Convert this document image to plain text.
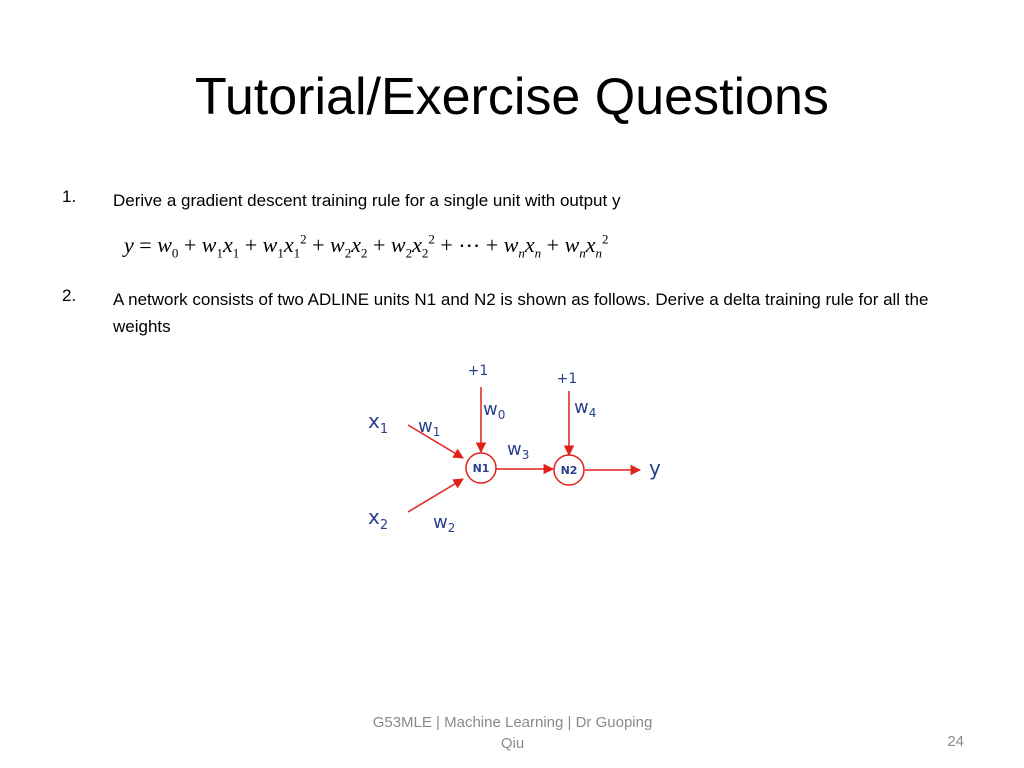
Tutorial/Exercise Questions
1. Derive a gradient descent training rule for a single unit with output y
$y = w_0 + w_1x_1 + w_1x_1^2 + w_2x_2 + w_2x_2^2$ + ⋯ + $w_nx_n + w_nx_n^2$
2. A network consists of two ADLINE units N1 and N2 is shown as follows. Derive a delta training rule for all the weights
N1	N2
+1	+1
$x_1$
$x_2$
$w_0$
$w_1$
$w_2$
$w_3$
$w_4$
y
G53MLE | Machine Learning | Dr Guoping Qiu	24
